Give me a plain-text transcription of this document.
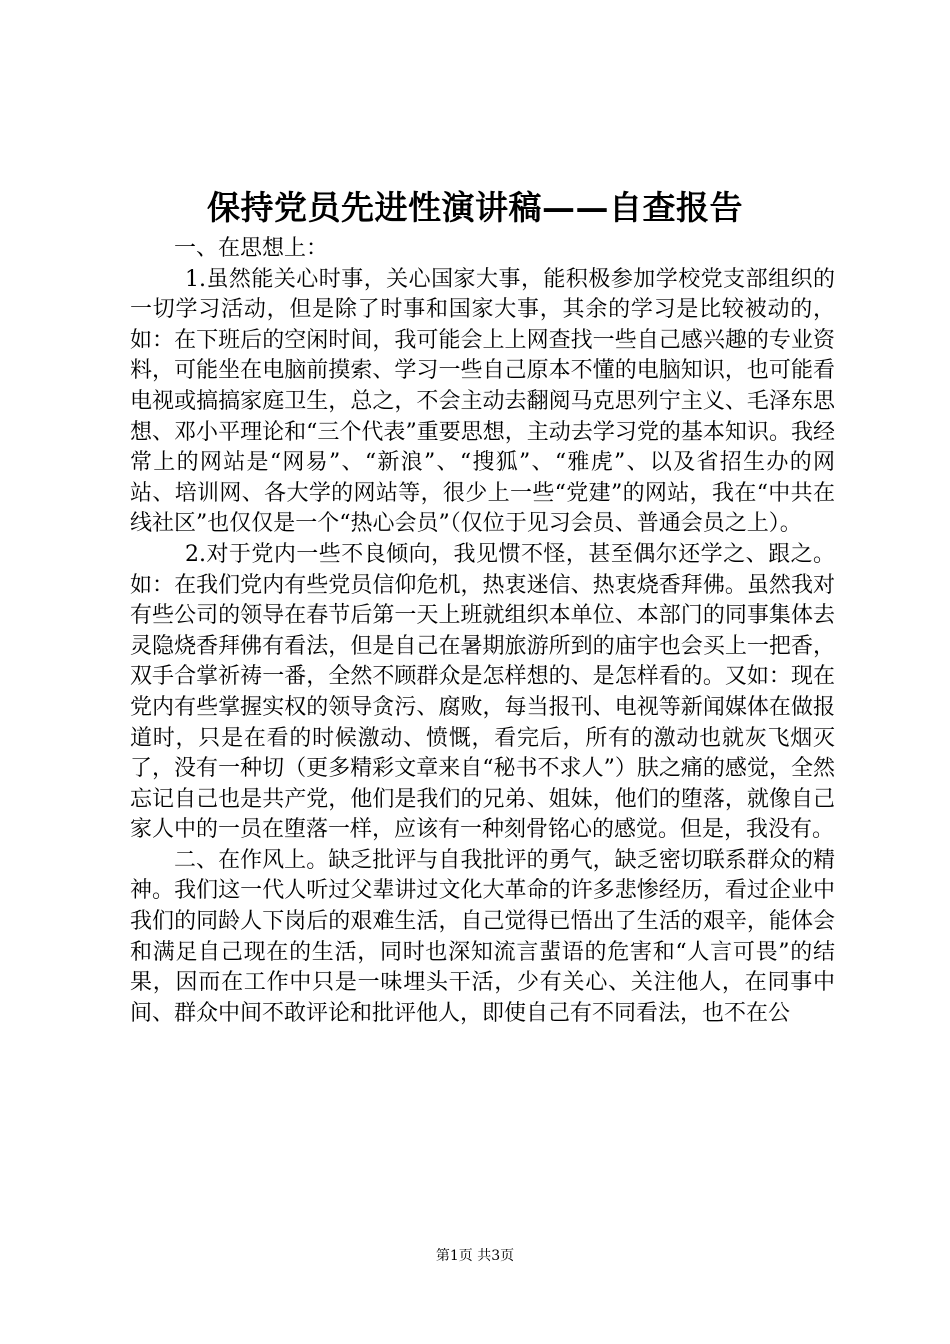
保持党员先进性演讲稿——自查报告

一、在思想上：

1.虽然能关心时事，关心国家大事，能积极参加学校党支部组织的一切学习活动，但是除了时事和国家大事，其余的学习是比较被动的，如：在下班后的空闲时间，我可能会上上网查找一些自己感兴趣的专业资料，可能坐在电脑前摸索、学习一些自己原本不懂的电脑知识，也可能看电视或搞搞家庭卫生，总之，不会主动去翻阅马克思列宁主义、毛泽东思想、邓小平理论和“三个代表”重要思想，主动去学习党的基本知识。我经常上的网站是“网易”、“新浪”、“搜狐”、“雅虎”、以及省招生办的网站、培训网、各大学的网站等，很少上一些“党建”的网站，我在“中共在线社区”也仅仅是一个“热心会员”（仅位于见习会员、普通会员之上）。

2.对于党内一些不良倾向，我见惯不怪，甚至偶尔还学之、跟之。如：在我们党内有些党员信仰危机，热衷迷信、热衷烧香拜佛。虽然我对有些公司的领导在春节后第一天上班就组织本单位、本部门的同事集体去灵隐烧香拜佛有看法，但是自己在暑期旅游所到的庙宇也会买上一把香，双手合掌祈祷一番，全然不顾群众是怎样想的、是怎样看的。又如：现在党内有些掌握实权的领导贪污、腐败，每当报刊、电视等新闻媒体在做报道时，只是在看的时候激动、愤慨，看完后，所有的激动也就灰飞烟灭了，没有一种切（更多精彩文章来自“秘书不求人”）肤之痛的感觉，全然忘记自己也是共产党，他们是我们的兄弟、姐妹，他们的堕落，就像自己家人中的一员在堕落一样，应该有一种刻骨铭心的感觉。但是，我没有。

二、在作风上。缺乏批评与自我批评的勇气，缺乏密切联系群众的精神。我们这一代人听过父辈讲过文化大革命的许多悲惨经历，看过企业中我们的同龄人下岗后的艰难生活，自己觉得已悟出了生活的艰辛，能体会和满足自己现在的生活，同时也深知流言蜚语的危害和“人言可畏”的结果，因而在工作中只是一味埋头干活，少有关心、关注他人，在同事中间、群众中间不敢评论和批评他人，即使自己有不同看法，也不在公

第1页 共3页
